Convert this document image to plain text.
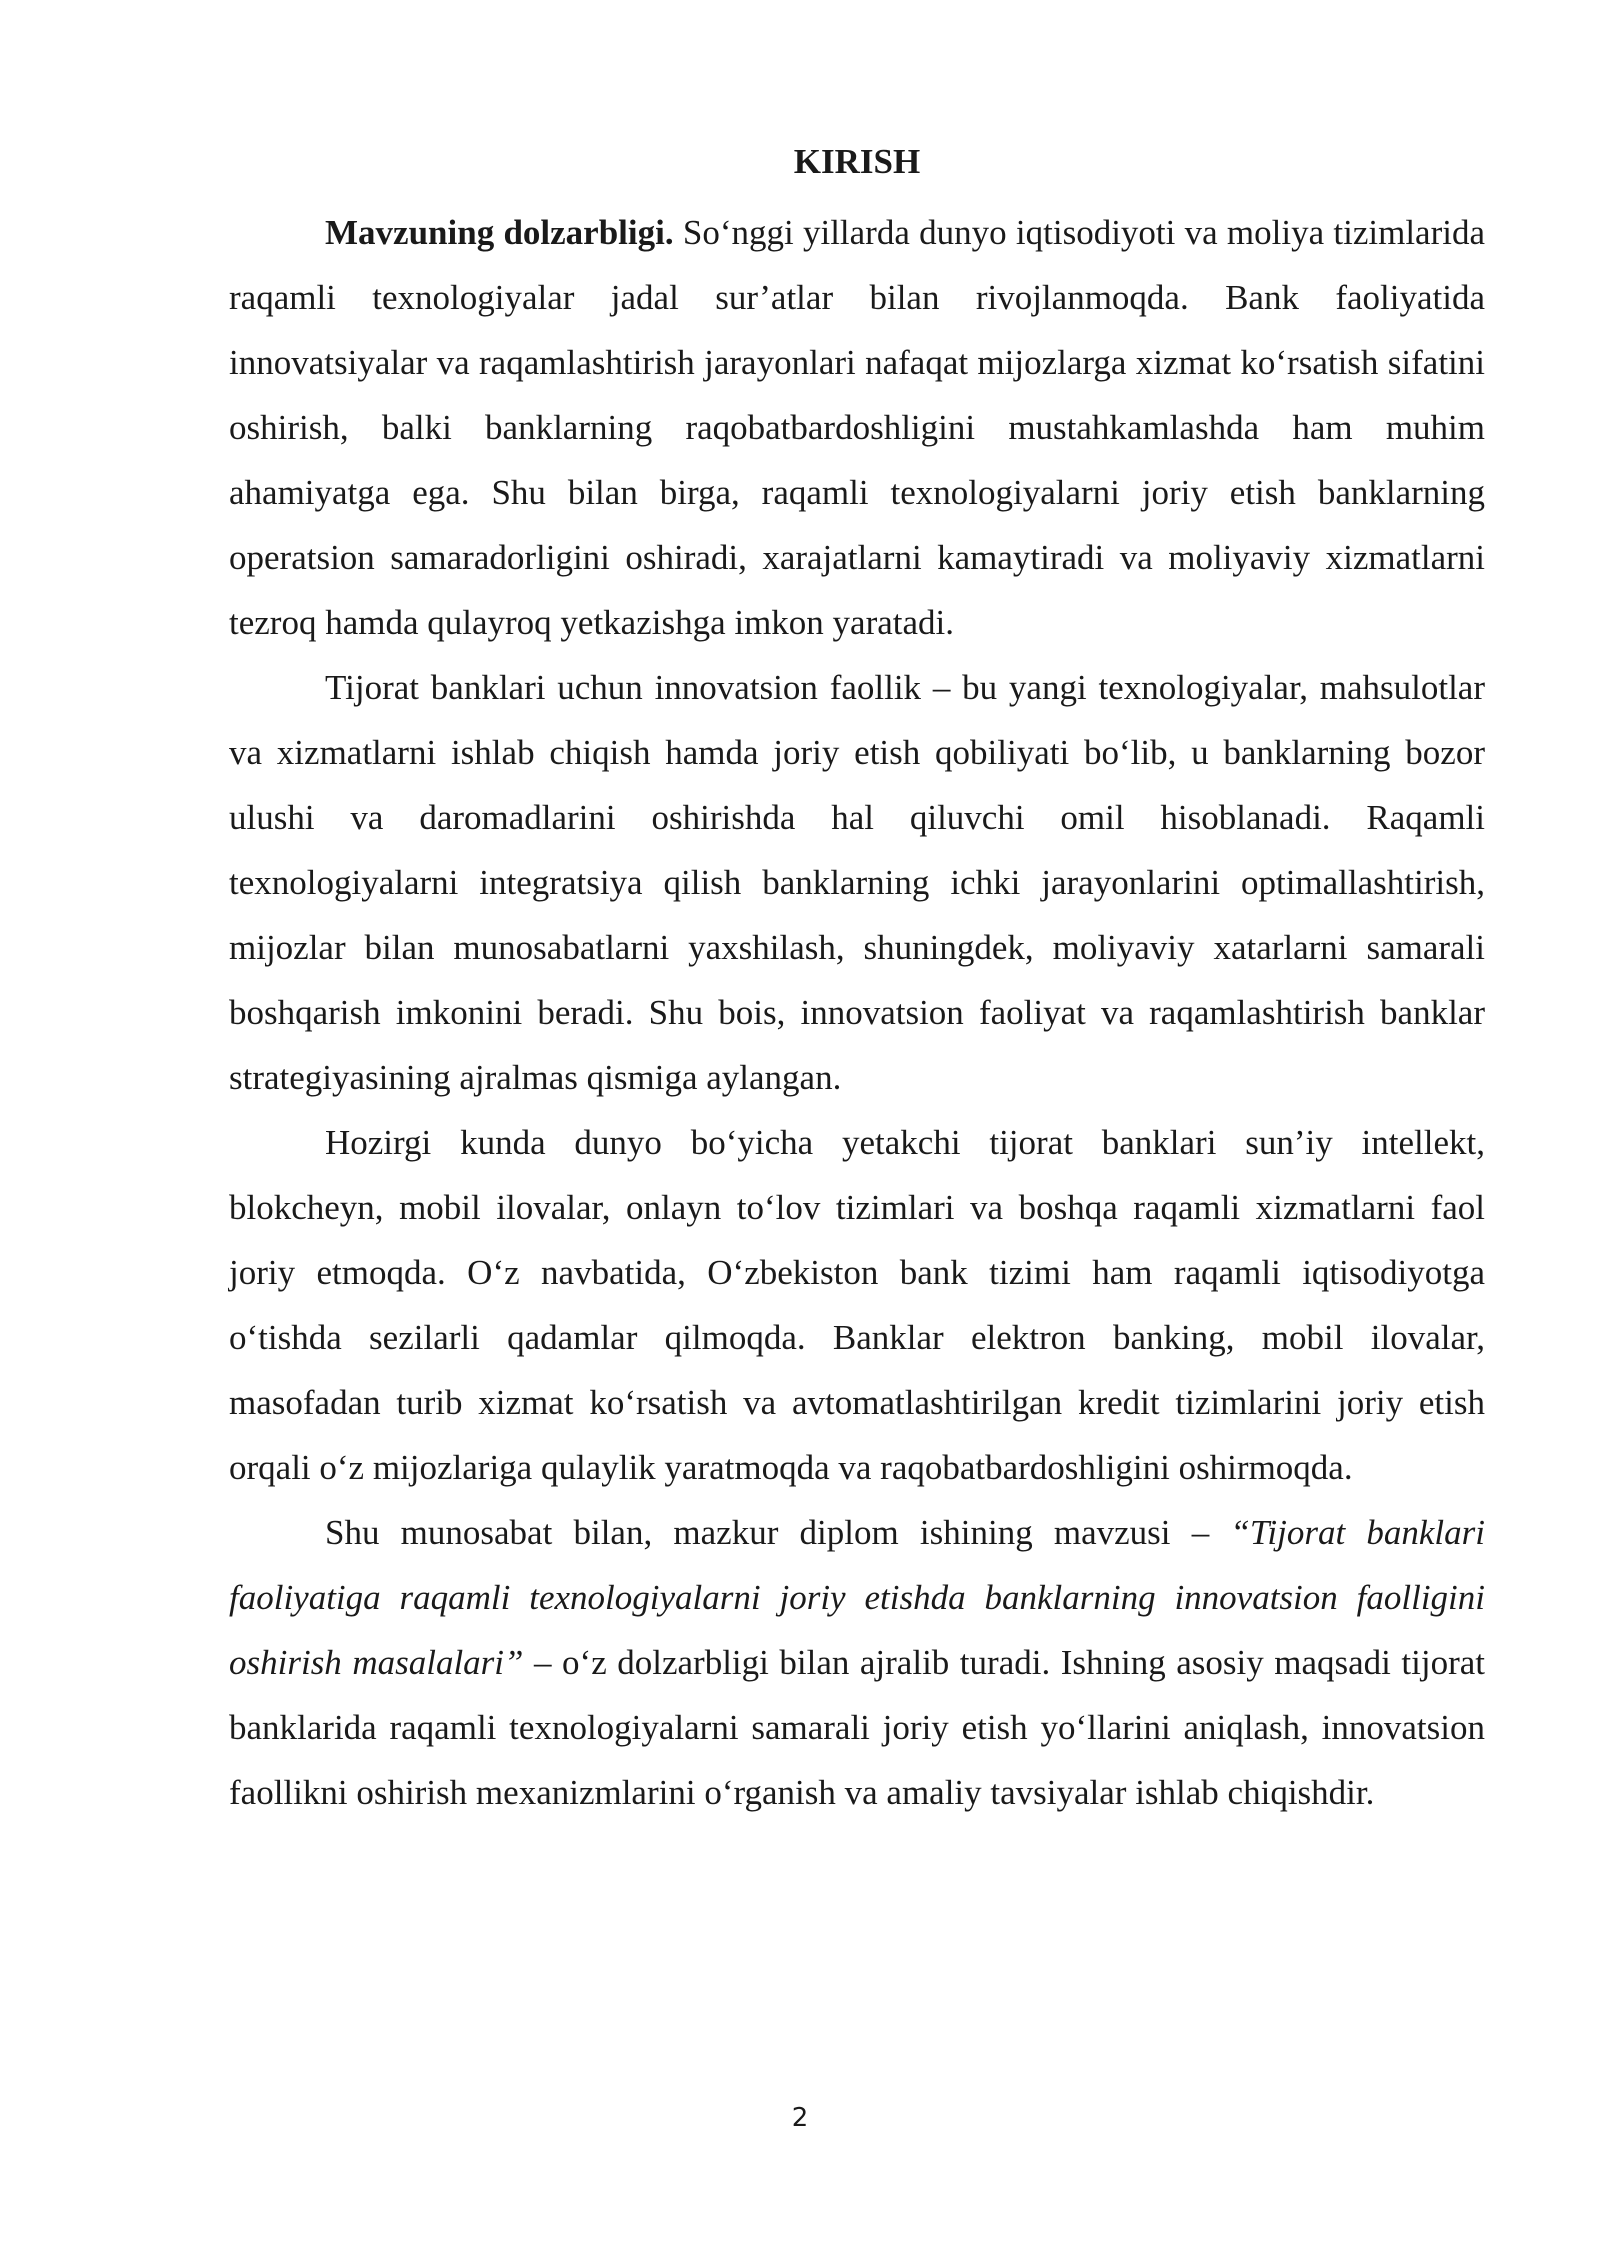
KIRISH

Mavzuning dolzarbligi. So‘nggi yillarda dunyo iqtisodiyoti va moliya tizimlarida raqamli texnologiyalar jadal sur’atlar bilan rivojlanmoqda. Bank faoliyatida innovatsiyalar va raqamlashtirish jarayonlari nafaqat mijozlarga xizmat ko‘rsatish sifatini oshirish, balki banklarning raqobatbardoshligini mustahkamlashda ham muhim ahamiyatga ega. Shu bilan birga, raqamli texnologiyalarni joriy etish banklarning operatsion samaradorligini oshiradi, xarajatlarni kamaytiradi va moliyaviy xizmatlarni tezroq hamda qulayroq yetkazishga imkon yaratadi.

Tijorat banklari uchun innovatsion faollik – bu yangi texnologiyalar, mahsulotlar va xizmatlarni ishlab chiqish hamda joriy etish qobiliyati bo‘lib, u banklarning bozor ulushi va daromadlarini oshirishda hal qiluvchi omil hisoblanadi. Raqamli texnologiyalarni integratsiya qilish banklarning ichki jarayonlarini optimallashtirish, mijozlar bilan munosabatlarni yaxshilash, shuningdek, moliyaviy xatarlarni samarali boshqarish imkonini beradi. Shu bois, innovatsion faoliyat va raqamlashtirish banklar strategiyasining ajralmas qismiga aylangan.

Hozirgi kunda dunyo bo‘yicha yetakchi tijorat banklari sun’iy intellekt, blokcheyn, mobil ilovalar, onlayn to‘lov tizimlari va boshqa raqamli xizmatlarni faol joriy etmoqda. O‘z navbatida, O‘zbekiston bank tizimi ham raqamli iqtisodiyotga o‘tishda sezilarli qadamlar qilmoqda. Banklar elektron banking, mobil ilovalar, masofadan turib xizmat ko‘rsatish va avtomatlashtirilgan kredit tizimlarini joriy etish orqali o‘z mijozlariga qulaylik yaratmoqda va raqobatbardoshligini oshirmoqda.

Shu munosabat bilan, mazkur diplom ishining mavzusi – “Tijorat banklari faoliyatiga raqamli texnologiyalarni joriy etishda banklarning innovatsion faolligini oshirish masalalari” – o‘z dolzarbligi bilan ajralib turadi. Ishning asosiy maqsadi tijorat banklarida raqamli texnologiyalarni samarali joriy etish yo‘llarini aniqlash, innovatsion faollikni oshirish mexanizmlarini o‘rganish va amaliy tavsiyalar ishlab chiqishdir.

2
